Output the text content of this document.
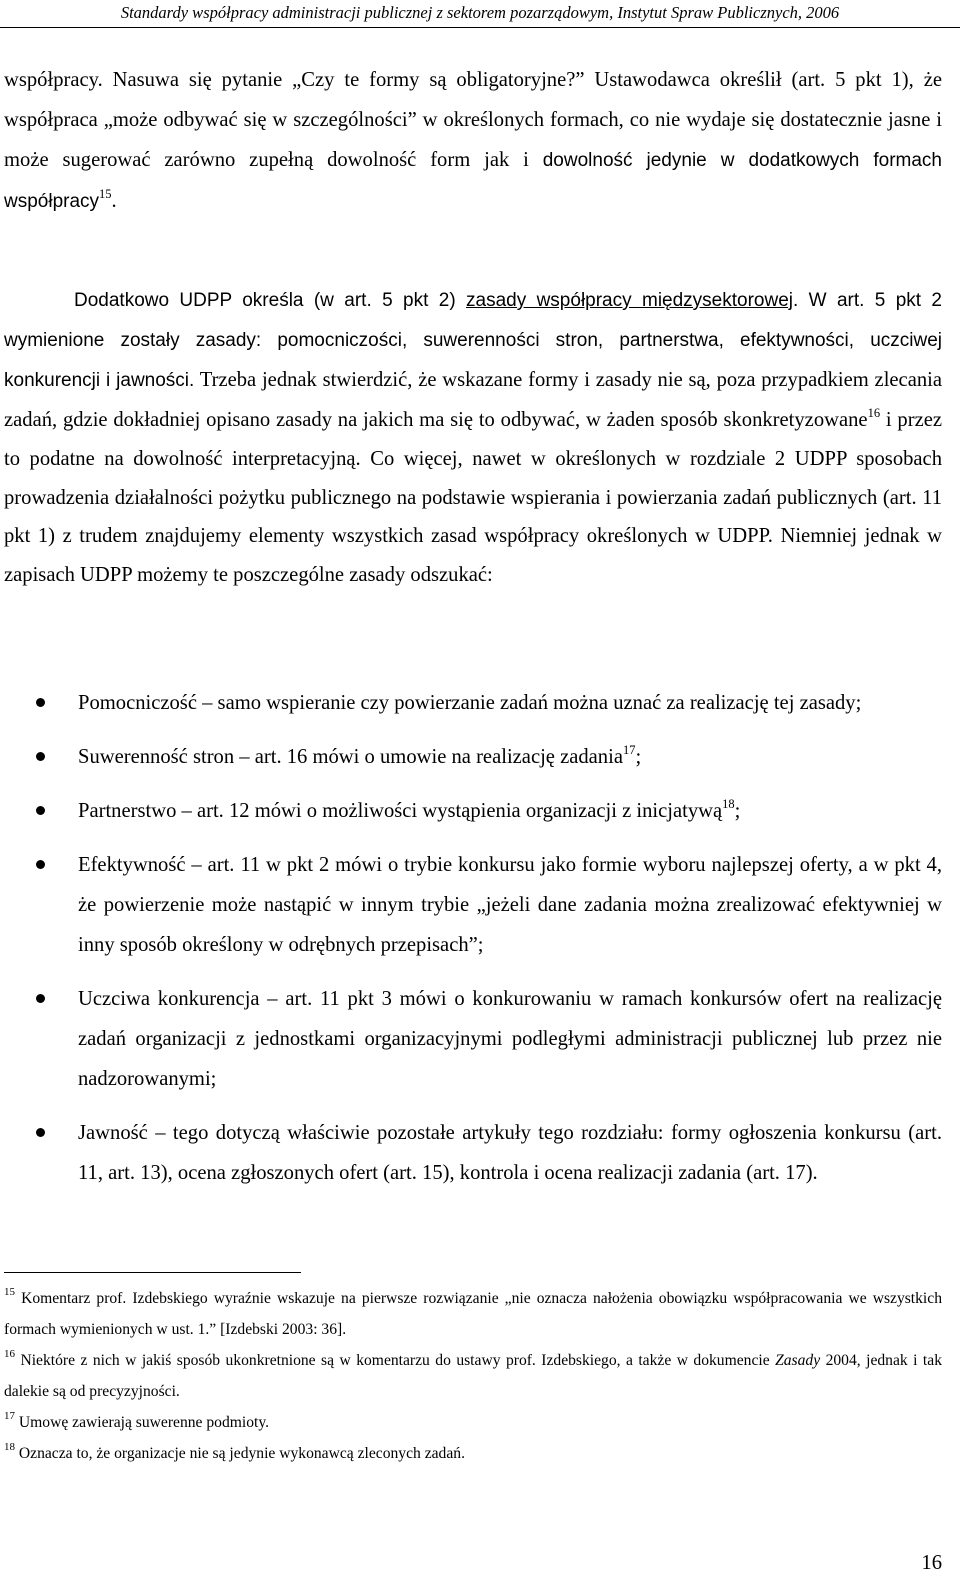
Standardy współpracy administracji publicznej z sektorem pozarządowym, Instytut Spraw Publicznych, 2006

współpracy. Nasuwa się pytanie „Czy te formy są obligatoryjne?” Ustawodawca określił (art. 5 pkt 1), że współpraca „może odbywać się w szczególności” w określonych formach, co nie wydaje się dostatecznie jasne i może sugerować zarówno zupełną dowolność form jak i dowolność jedynie w dodatkowych formach współpracy$^{15}$.

Dodatkowo UDPP określa (w art. 5 pkt 2) zasady współpracy międzysektorowej. W art. 5 pkt 2 wymienione zostały zasady: pomocniczości, suwerenności stron, partnerstwa, efektywności, uczciwej konkurencji i jawności. Trzeba jednak stwierdzić, że wskazane formy i zasady nie są, poza przypadkiem zlecania zadań, gdzie dokładniej opisano zasady na jakich ma się to odbywać, w żaden sposób skonkretyzowane$^{16}$ i przez to podatne na dowolność interpretacyjną. Co więcej, nawet w określonych w rozdziale 2 UDPP sposobach prowadzenia działalności pożytku publicznego na podstawie wspierania i powierzania zadań publicznych (art. 11 pkt 1) z trudem znajdujemy elementy wszystkich zasad współpracy określonych w UDPP. Niemniej jednak w zapisach UDPP możemy te poszczególne zasady odszukać:

Pomocniczość – samo wspieranie czy powierzanie zadań można uznać za realizację tej zasady;
Suwerenność stron – art. 16 mówi o umowie na realizację zadania$^{17}$;
Partnerstwo – art. 12 mówi o możliwości wystąpienia organizacji z inicjatywą$^{18}$;
Efektywność – art. 11 w pkt 2 mówi o trybie konkursu jako formie wyboru najlepszej oferty, a w pkt 4, że powierzenie może nastąpić w innym trybie „jeżeli dane zadania można zrealizować efektywniej w inny sposób określony w odrębnych przepisach”;
Uczciwa konkurencja – art. 11 pkt 3 mówi o konkurowaniu w ramach konkursów ofert na realizację zadań organizacji z jednostkami organizacyjnymi podległymi administracji publicznej lub przez nie nadzorowanymi;
Jawność – tego dotyczą właściwie pozostałe artykuły tego rozdziału: formy ogłoszenia konkursu (art. 11, art. 13), ocena zgłoszonych ofert (art. 15), kontrola i ocena realizacji zadania (art. 17).

$^{15}$ Komentarz prof. Izdebskiego wyraźnie wskazuje na pierwsze rozwiązanie „nie oznacza nałożenia obowiązku współpracowania we wszystkich formach wymienionych w ust. 1.” [Izdebski 2003: 36].

$^{16}$ Niektóre z nich w jakiś sposób ukonkretnione są w komentarzu do ustawy prof. Izdebskiego, a także w dokumencie Zasady 2004, jednak i tak dalekie są od precyzyjności.

$^{17}$ Umowę zawierają suwerenne podmioty.

$^{18}$ Oznacza to, że organizacje nie są jedynie wykonawcą zleconych zadań.

16
